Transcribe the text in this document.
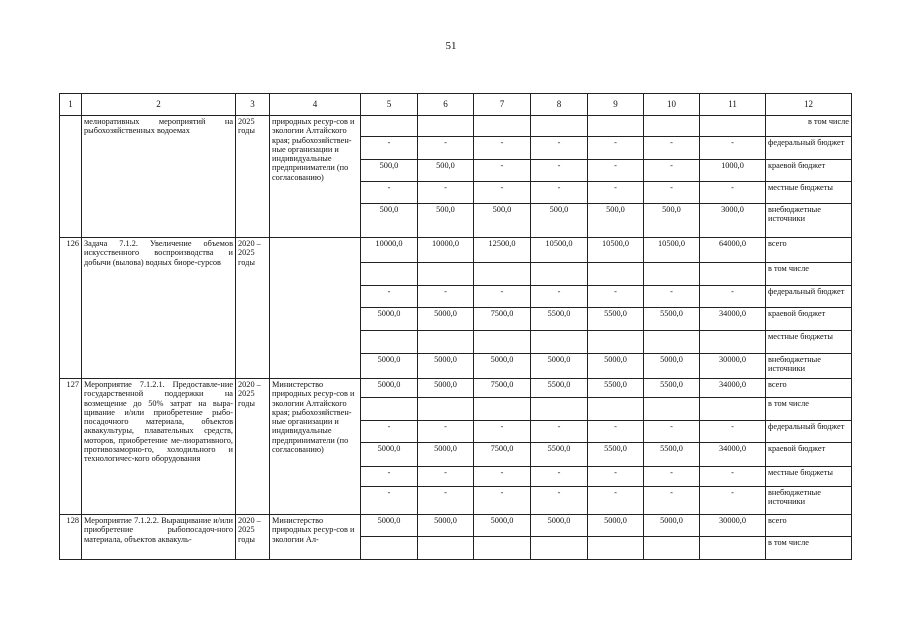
51
1	2	3	4	5	6	7	8	9	10	11	12
	мелиоративных мероприятий на рыбохозяйственных водоемах	2025 годы	природных ресур-сов и экологии Алтайского края; рыбохозяйствен-ные организации и индивидуальные предприниматели (по согласованию)								в том числе
				-	-	-	-	-	-	-	федеральный бюджет
				500,0	500,0	-	-	-	-	1000,0	краевой бюджет
				-	-	-	-	-	-	-	местные бюджеты
				500,0	500,0	500,0	500,0	500,0	500,0	3000,0	внебюджетные источники
126	Задача 7.1.2. Увеличение объемов искусственного воспроизводства и добычи (вылова) водных биоре-сурсов	2020 – 2025 годы		10000,0	10000,0	12500,0	10500,0	10500,0	10500,0	64000,0	всего
											в том числе
				-	-	-	-	-	-	-	федеральный бюджет
				5000,0	5000,0	7500,0	5500,0	5500,0	5500,0	34000,0	краевой бюджет
											местные бюджеты
				5000,0	5000,0	5000,0	5000,0	5000,0	5000,0	30000,0	внебюджетные источники
127	Мероприятие 7.1.2.1. Предоставле-ние государственной поддержки на возмещение до 50% затрат на выра-щивание и/или приобретение рыбо-посадочного материала, объектов аквакультуры, плавательных средств, моторов, приобретение ме-лиоративного, противозаморно-го, холодильного и технологичес-кого оборудования	2020 – 2025 годы	Министерство природных ресур-сов и экологии Алтайского края; рыбохозяйствен-ные организации и индивидуальные предприниматели (по согласованию)	5000,0	5000,0	7500,0	5500,0	5500,0	5500,0	34000,0	всего
											в том числе
				-	-	-	-	-	-	-	федеральный бюджет
				5000,0	5000,0	7500,0	5500,0	5500,0	5500,0	34000,0	краевой бюджет
				-	-	-	-	-	-	-	местные бюджеты
				-	-	-	-	-	-	-	внебюджетные источники
128	Мероприятие 7.1.2.2. Выращивание и/или приобретение рыбопосадоч-ного материала, объектов аквакуль-	2020 – 2025 годы	Министерство природных ресур-сов и экологии Ал-	5000,0	5000,0	5000,0	5000,0	5000,0	5000,0	30000,0	всего
											в том числе
